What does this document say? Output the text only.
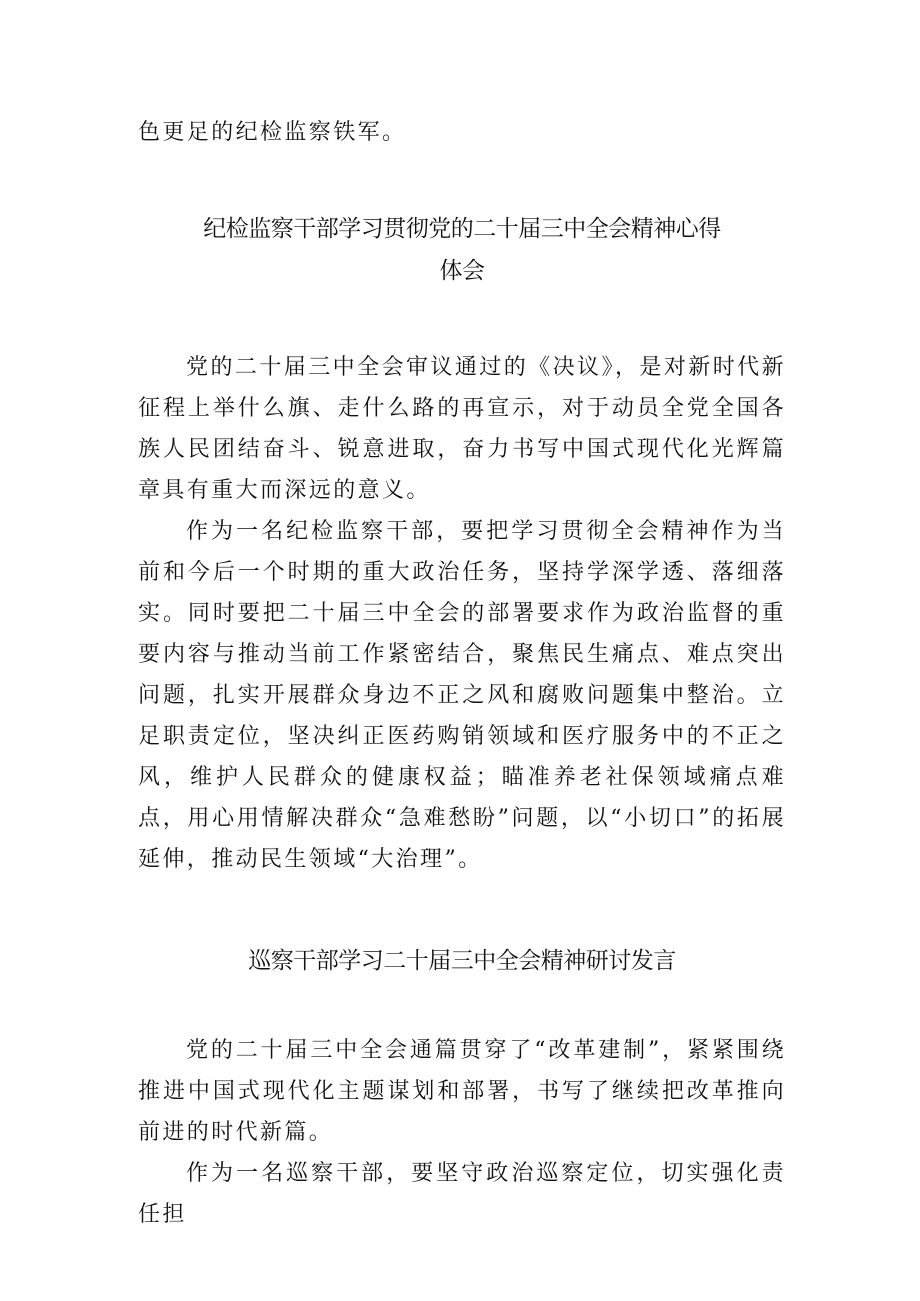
色更足的纪检监察铁军。

纪检监察干部学习贯彻党的二十届三中全会精神心得
体会

党的二十届三中全会审议通过的《决议》，是对新时代新征程上举什么旗、走什么路的再宣示，对于动员全党全国各族人民团结奋斗、锐意进取，奋力书写中国式现代化光辉篇章具有重大而深远的意义。

作为一名纪检监察干部，要把学习贯彻全会精神作为当前和今后一个时期的重大政治任务，坚持学深学透、落细落实。同时要把二十届三中全会的部署要求作为政治监督的重要内容与推动当前工作紧密结合，聚焦民生痛点、难点突出问题，扎实开展群众身边不正之风和腐败问题集中整治。立足职责定位，坚决纠正医药购销领域和医疗服务中的不正之风，维护人民群众的健康权益；瞄准养老社保领域痛点难点，用心用情解决群众“急难愁盼”问题，以“小切口”的拓展延伸，推动民生领域“大治理”。

巡察干部学习二十届三中全会精神研讨发言

党的二十届三中全会通篇贯穿了“改革建制”，紧紧围绕推进中国式现代化主题谋划和部署，书写了继续把改革推向前进的时代新篇。

作为一名巡察干部，要坚守政治巡察定位，切实强化责任担
